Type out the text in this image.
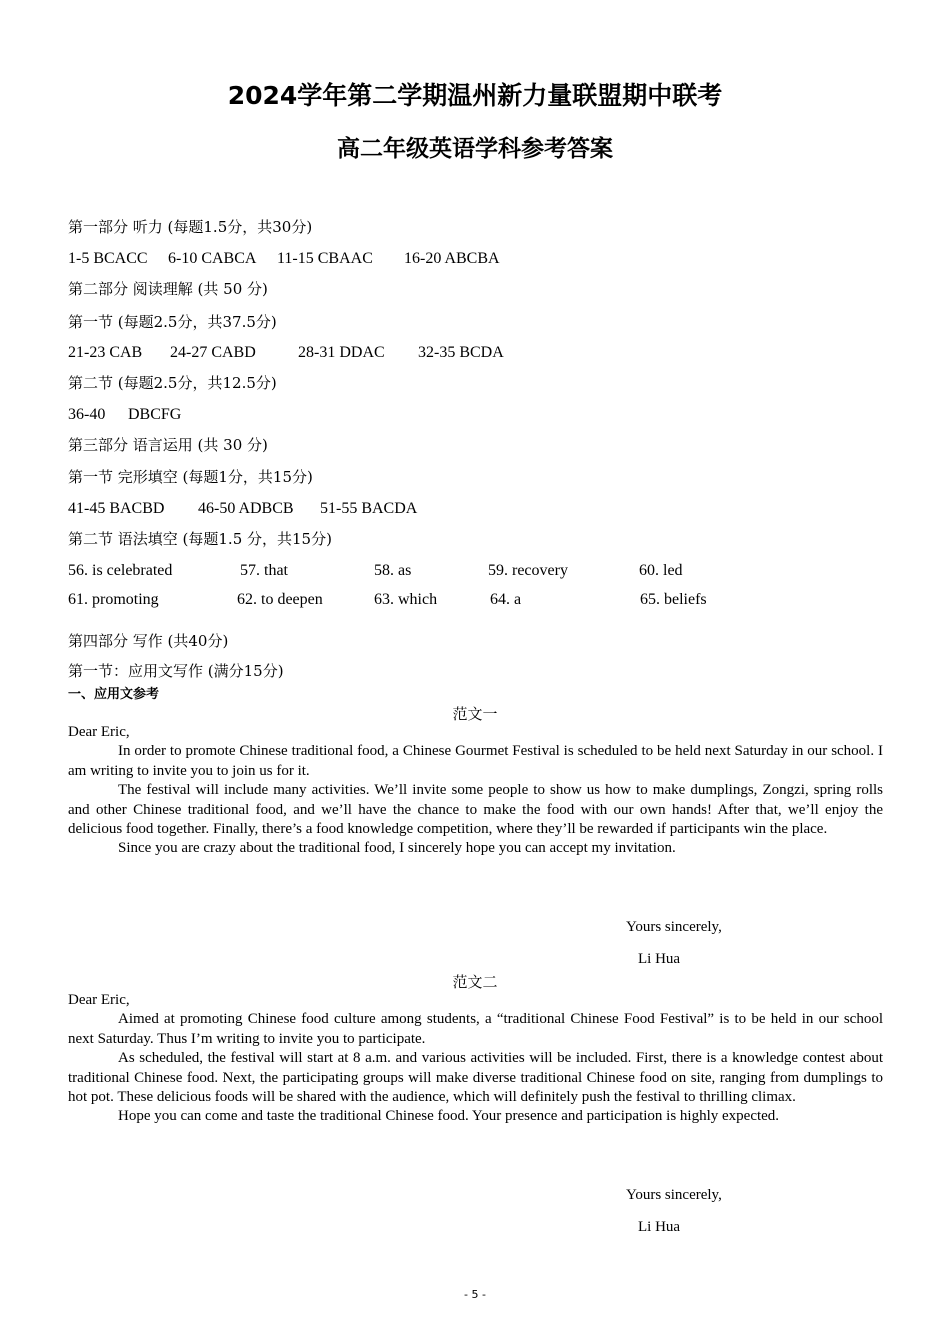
2024学年第二学期温州新力量联盟期中联考
高二年级英语学科参考答案
第一部分 听力 (每题1.5分，共30分)
1-5 BCACC 6-10 CABCA 11-15 CBAAC 16-20 ABCBA
第二部分 阅读理解 (共 50 分)
第一节 (每题2.5分，共37.5分)
21-23 CAB 24-27 CABD	28-31 DDAC 32-35 BCDA
第二节 (每题2.5分，共12.5分)
36-40 DBCFG
第三部分 语言运用 (共 30 分)
第一节 完形填空 (每题1分，共15分)
41-45 BACBD 46-50 ADBCB 51-55 BACDA
第二节 语法填空 (每题1.5 分，共15分)
56. is celebrated	57. that	58. as	59. recovery	60. led
61. promoting	62. to deepen	63. which	64. a	65. beliefs
第四部分 写作 (共40分)
第一节：应用文写作 (满分15分)
一、应用文参考
范文一

Dear Eric,

In order to promote Chinese traditional food, a Chinese Gourmet Festival is scheduled to be held next Saturday in our school. I am writing to invite you to join us for it.

The festival will include many activities. We’ll invite some people to show us how to make dumplings, Zongzi, spring rolls and other Chinese traditional food, and we’ll have the chance to make the food with our own hands! After that, we’ll enjoy the delicious food together. Finally, there’s a food knowledge competition, where they’ll be rewarded if participants win the place.

Since you are crazy about the traditional food, I sincerely hope you can accept my invitation.

Yours sincerely,
Li Hua
范文二

Dear Eric,

Aimed at promoting Chinese food culture among students, a “traditional Chinese Food Festival” is to be held in our school next Saturday. Thus I’m writing to invite you to participate.

As scheduled, the festival will start at 8 a.m. and various activities will be included. First, there is a knowledge contest about traditional Chinese food. Next, the participating groups will make diverse traditional Chinese food on site, ranging from dumplings to hot pot. These delicious foods will be shared with the audience, which will definitely push the festival to thrilling climax.

Hope you can come and taste the traditional Chinese food. Your presence and participation is highly expected.

Yours sincerely,
Li Hua
- 5 -
